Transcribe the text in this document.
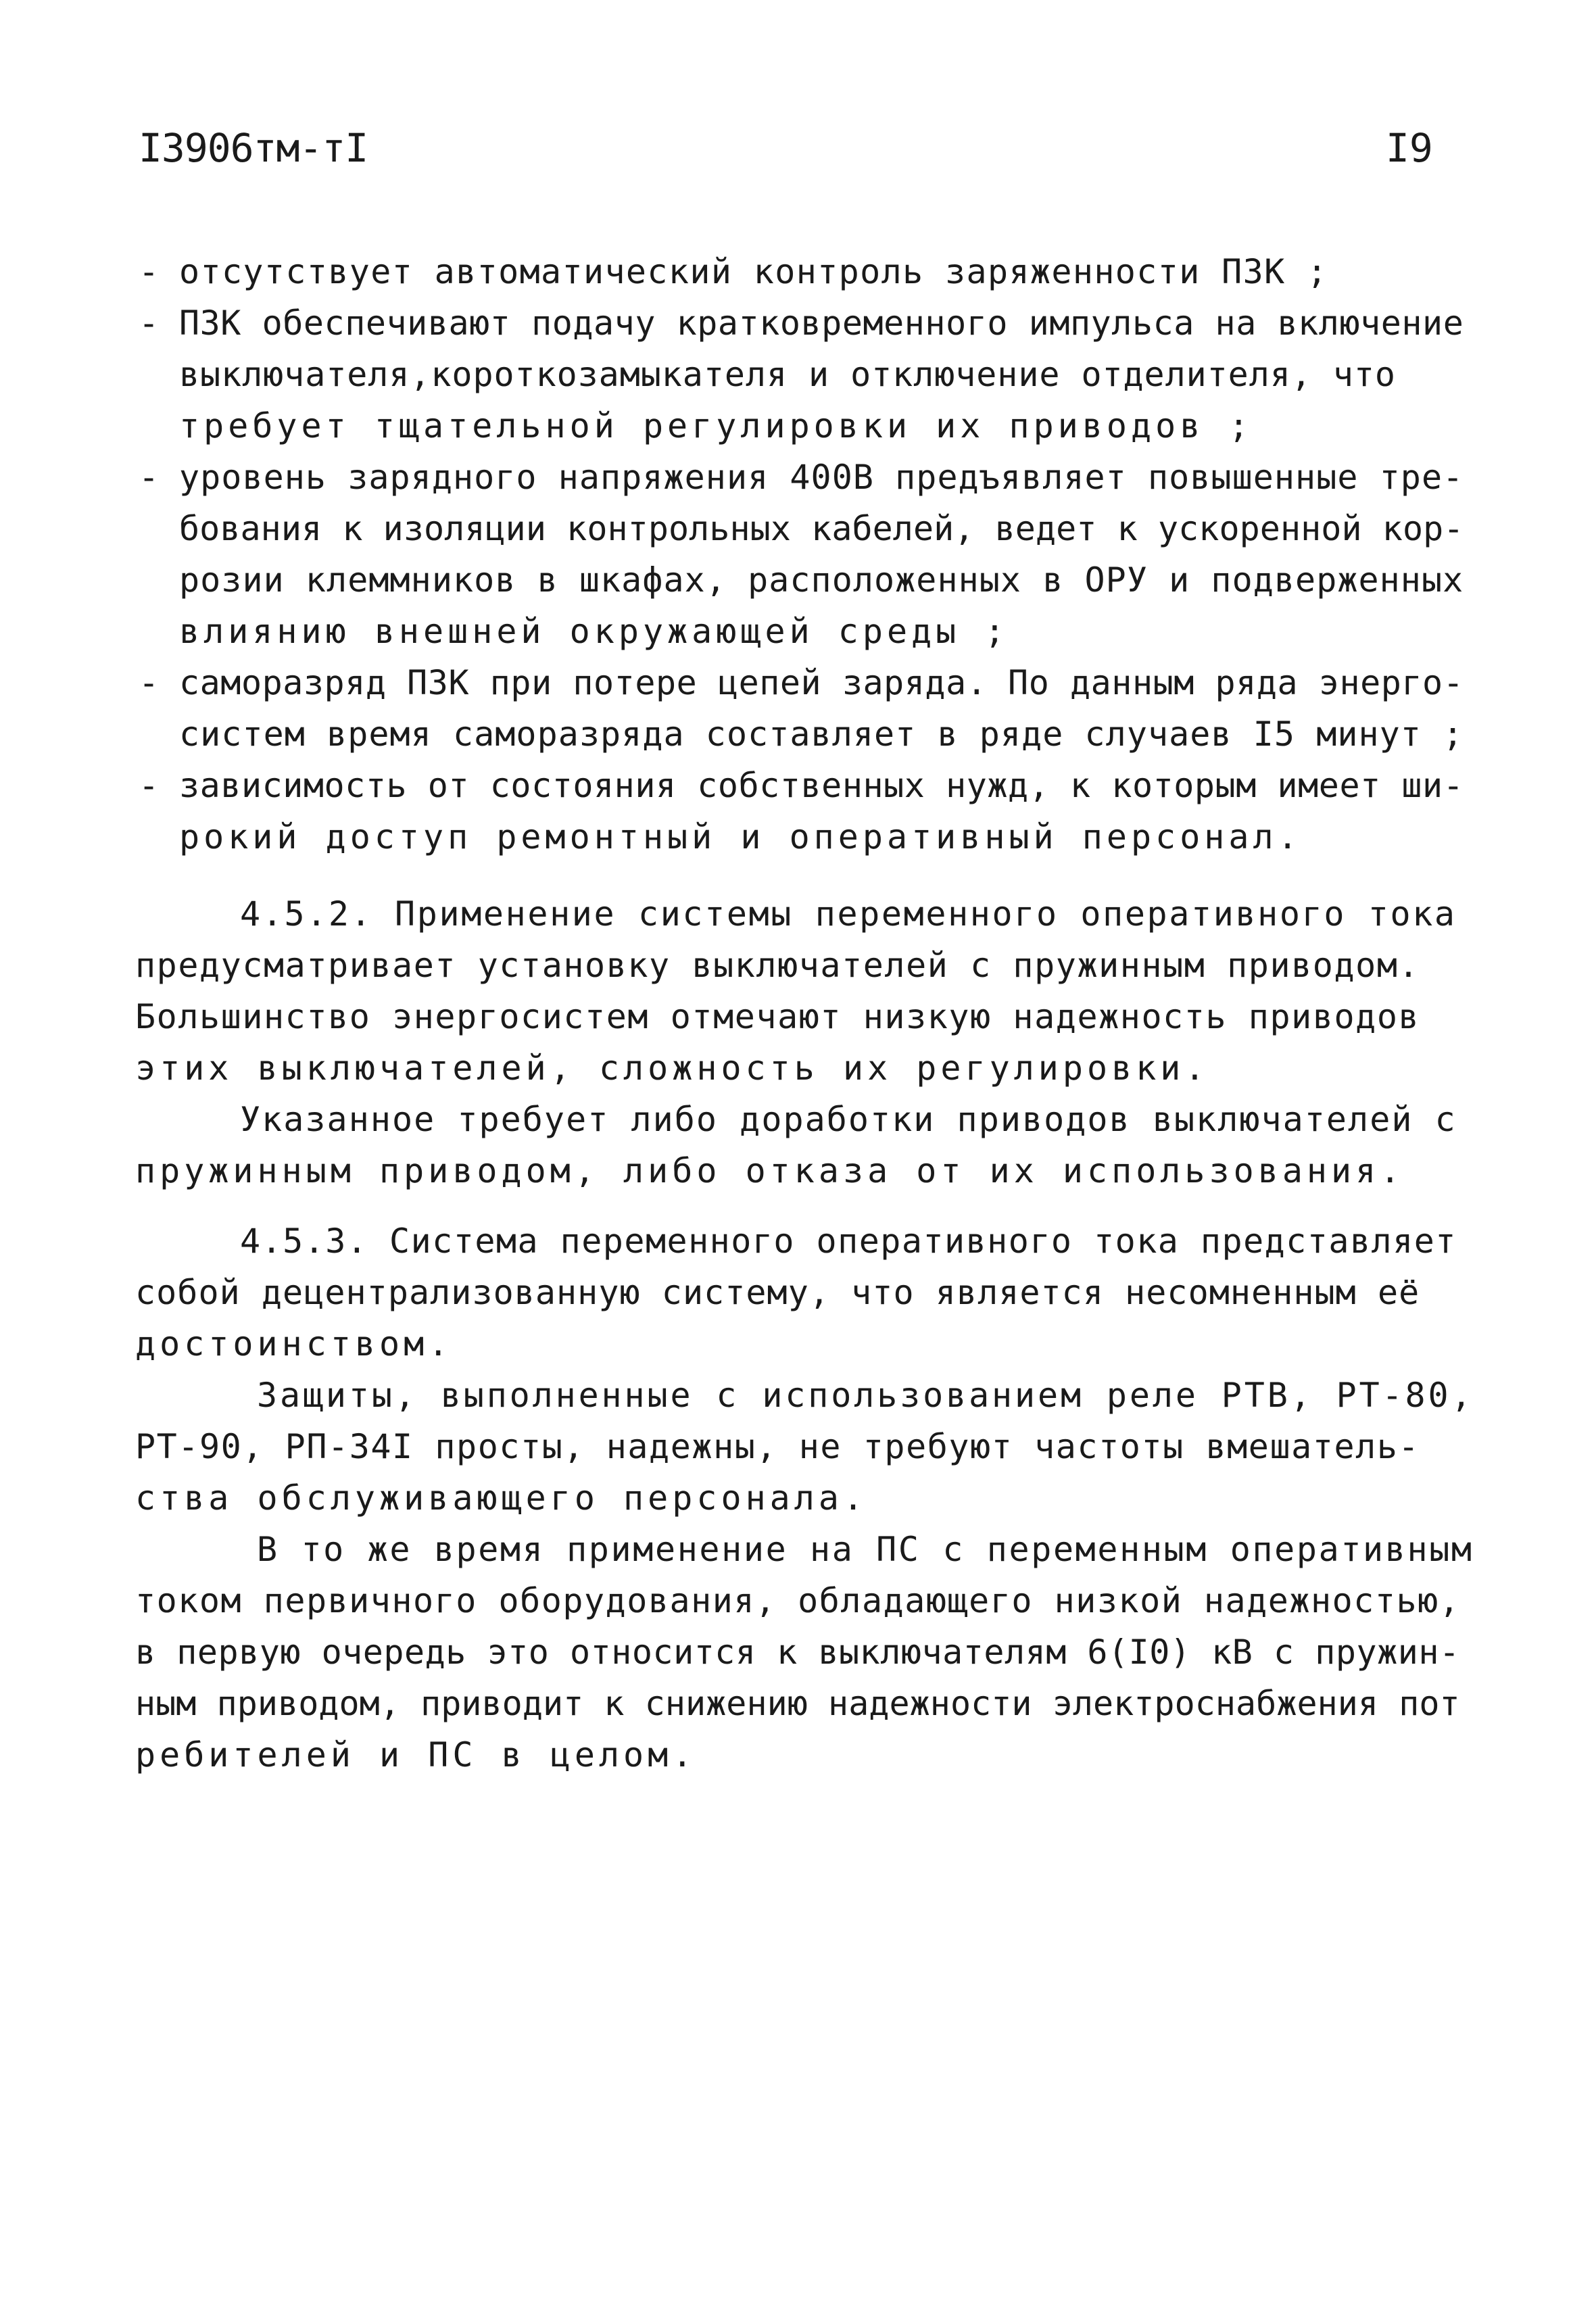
I3906тм-тI	I9
- отсутствует автоматический контроль заряженности ПЗК ;
- ПЗК обеспечивают подачу кратковременного импульса на включение
выключателя,короткозамыкателя и отключение отделителя, что
требует тщательной регулировки их приводов ;
- уровень зарядного напряжения 400В предъявляет повышенные тре-
бования к изоляции контрольных кабелей, ведет к ускоренной кор-
розии клеммников в шкафах, расположенных в ОРУ и подверженных
влиянию внешней окружающей среды ;
- саморазряд ПЗК при потере цепей заряда. По данным ряда энерго-
систем время саморазряда составляет в ряде случаев I5 минут ;
- зависимость от состояния собственных нужд, к которым имеет ши-
рокий доступ ремонтный и оперативный персонал.
4.5.2. Применение системы переменного оперативного тока
предусматривает установку выключателей с пружинным приводом.
Большинство энергосистем отмечают низкую надежность приводов
этих выключателей, сложность их регулировки.
Указанное требует либо доработки приводов выключателей с
пружинным приводом, либо отказа от их использования.
4.5.3. Система переменного оперативного тока представляет
собой децентрализованную систему, что является несомненным её
достоинством.
Защиты, выполненные с использованием реле РТВ, РТ-80,
РТ-90, РП-34I просты, надежны, не требуют частоты вмешатель-
ства обслуживающего персонала.
В то же время применение на ПС с переменным оперативным
током первичного оборудования, обладающего низкой надежностью,
в первую очередь это относится к выключателям 6(I0) кВ с пружин-
ным приводом, приводит к снижению надежности электроснабжения пот
ребителей и ПС в целом.
